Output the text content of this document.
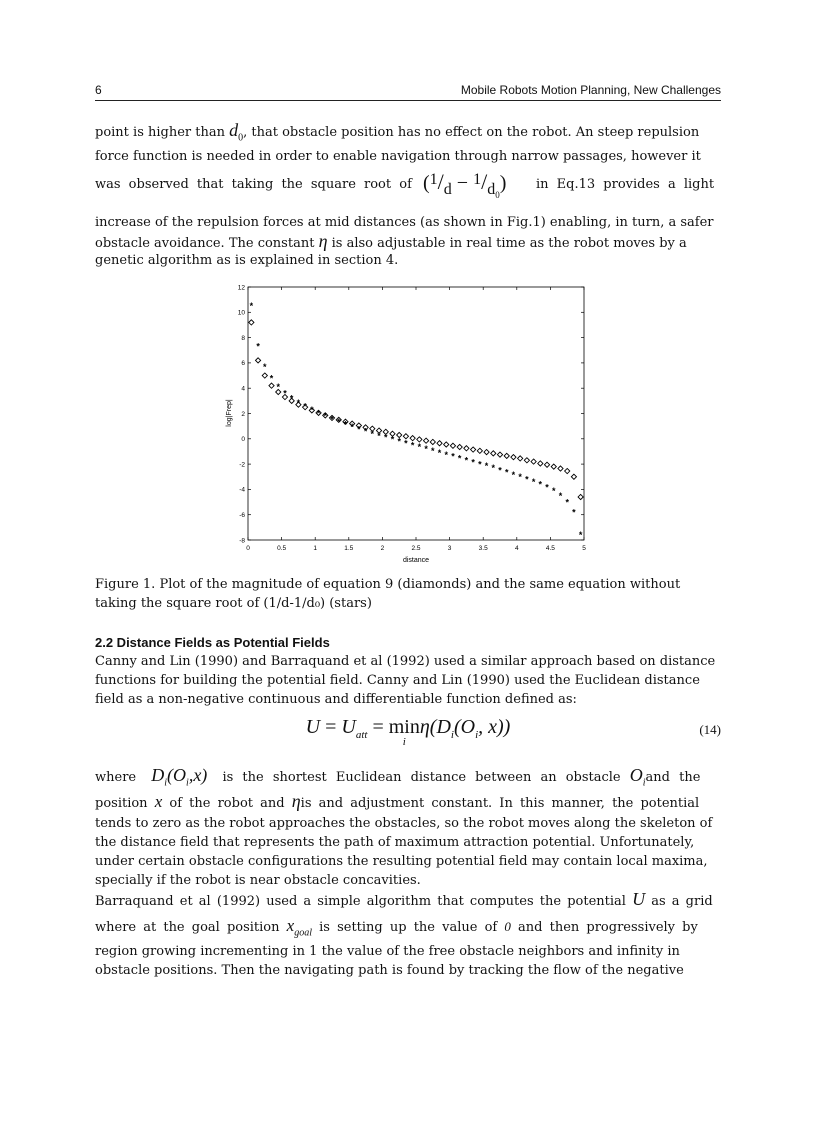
6	Mobile Robots Motion Planning, New Challenges
point is higher than $d_0$, that obstacle position has no effect on the robot. An steep repulsion
force function is needed in order to enable navigation through narrow passages, however it
was observed that taking the square root of $(^1/_d - ^1/_{d_0})$ in Eq.13 provides a light
increase of the repulsion forces at mid distances (as shown in Fig.1) enabling, in turn, a safer
obstacle avoidance. The constant η is also adjustable in real time as the robot moves by a
genetic algorithm as is explained in section 4.
0	0.5	1	1.5	2	2.5	3	3.5	4	4.5	5
12
10
8
6
4
2
0
-2
-4
-6
-8
distance
log|Frep|
*
*
*
*
*
*
* * * * * * * * * * * * * * * * * * * * * * * * * * * * * * * * * * * * * * * *
*
*
*
*
Figure 1. Plot of the magnitude of equation 9 (diamonds) and the same equation without
taking the square root of (1/d-1/d₀) (stars)
2.2 Distance Fields as Potential Fields
Canny and Lin (1990) and Barraquand et al (1992) used a similar approach based on distance
functions for building the potential field. Canny and Lin (1990) used the Euclidean distance
field as a non-negative continuous and differentiable function defined as:
$U = U_{att} = \min$
i
$\eta(D_i(O_i$, x))	(14)
where $D_i(O_i,x)$ is the shortest Euclidean distance between an obstacle $O_iand$ the
position x of the robot and ηis and adjustment constant. In this manner, the potential
tends to zero as the robot approaches the obstacles, so the robot moves along the skeleton of
the distance field that represents the path of maximum attraction potential. Unfortunately,
under certain obstacle configurations the resulting potential field may contain local maxima,
specially if the robot is near obstacle concavities.
Barraquand et al (1992) used a simple algorithm that computes the potential U as a grid
where at the goal position $x_{goal}$ is setting up the value of 0 and then progressively by
region growing incrementing in 1 the value of the free obstacle neighbors and infinity in
obstacle positions. Then the navigating path is found by tracking the flow of the negative
